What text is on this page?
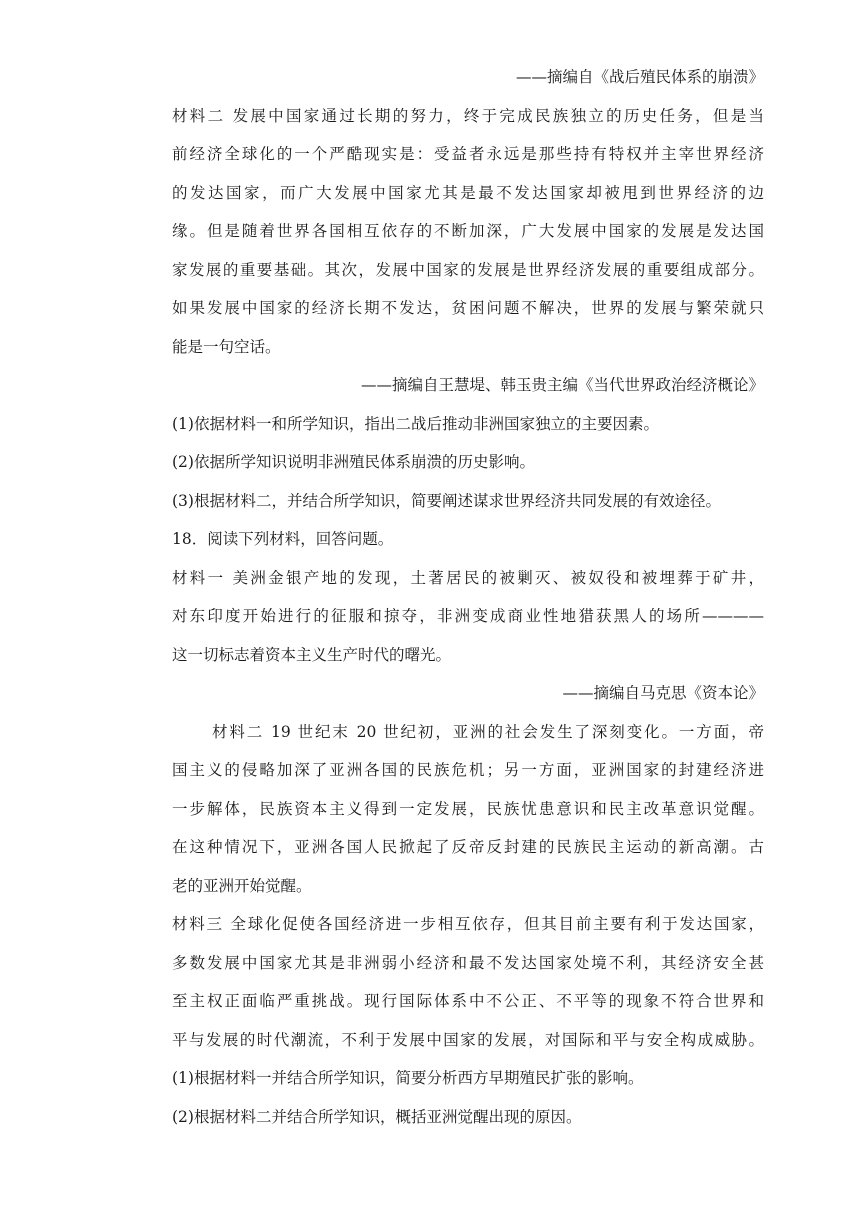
——摘编自《战后殖民体系的崩溃》
材料二 发展中国家通过长期的努力，终于完成民族独立的历史任务，但是当
前经济全球化的一个严酷现实是：受益者永远是那些持有特权并主宰世界经济
的发达国家，而广大发展中国家尤其是最不发达国家却被甩到世界经济的边
缘。但是随着世界各国相互依存的不断加深，广大发展中国家的发展是发达国
家发展的重要基础。其次，发展中国家的发展是世界经济发展的重要组成部分。
如果发展中国家的经济长期不发达，贫困问题不解决，世界的发展与繁荣就只
能是一句空话。
——摘编自王慧堤、韩玉贵主编《当代世界政治经济概论》
(1)依据材料一和所学知识，指出二战后推动非洲国家独立的主要因素。
(2)依据所学知识说明非洲殖民体系崩溃的历史影响。
(3)根据材料二，并结合所学知识，简要阐述谋求世界经济共同发展的有效途径。
18．阅读下列材料，回答问题。
材料一 美洲金银产地的发现，土著居民的被剿灭、被奴役和被埋葬于矿井，
对东印度开始进行的征服和掠夺，非洲变成商业性地猎获黑人的场所————
这一切标志着资本主义生产时代的曙光。
——摘编自马克思《资本论》
材料二 19 世纪末 20 世纪初，亚洲的社会发生了深刻变化。一方面，帝
国主义的侵略加深了亚洲各国的民族危机；另一方面，亚洲国家的封建经济进
一步解体，民族资本主义得到一定发展，民族忧患意识和民主改革意识觉醒。
在这种情况下，亚洲各国人民掀起了反帝反封建的民族民主运动的新高潮。古
老的亚洲开始觉醒。
材料三 全球化促使各国经济进一步相互依存，但其目前主要有利于发达国家，
多数发展中国家尤其是非洲弱小经济和最不发达国家处境不利，其经济安全甚
至主权正面临严重挑战。现行国际体系中不公正、不平等的现象不符合世界和
平与发展的时代潮流，不利于发展中国家的发展，对国际和平与安全构成威胁。
(1)根据材料一并结合所学知识，简要分析西方早期殖民扩张的影响。
(2)根据材料二并结合所学知识，概括亚洲觉醒出现的原因。
